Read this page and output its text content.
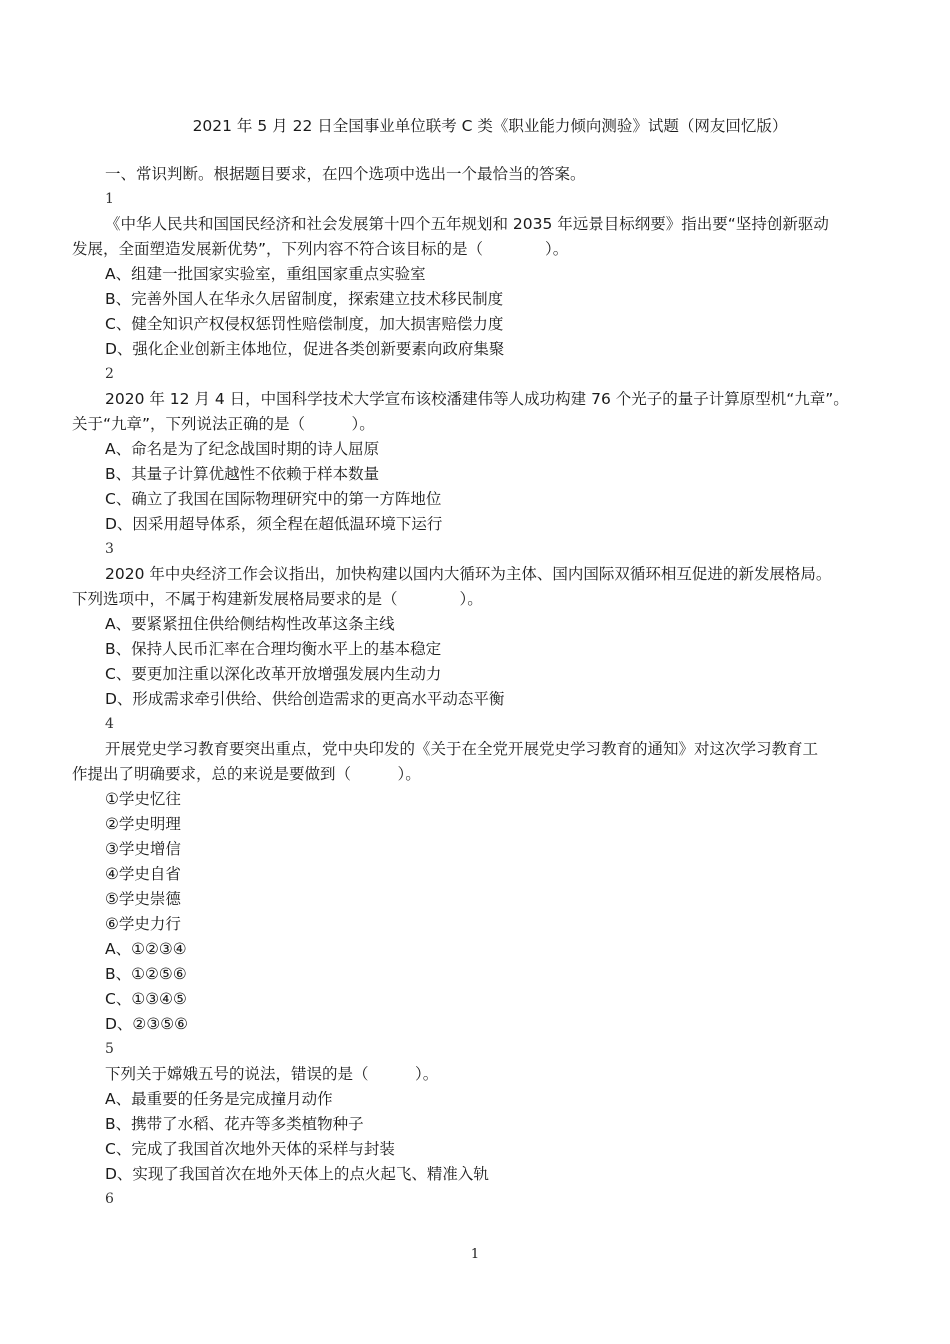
2021 年 5 月 22 日全国事业单位联考 C 类《职业能力倾向测验》试题（网友回忆版）
一、常识判断。根据题目要求，在四个选项中选出一个最恰当的答案。
1
《中华人民共和国国民经济和社会发展第十四个五年规划和 2035 年远景目标纲要》指出要“坚持创新驱动
发展，全面塑造发展新优势”，下列内容不符合该目标的是（　　　　）。
A、组建一批国家实验室，重组国家重点实验室
B、完善外国人在华永久居留制度，探索建立技术移民制度
C、健全知识产权侵权惩罚性赔偿制度，加大损害赔偿力度
D、强化企业创新主体地位，促进各类创新要素向政府集聚
2
2020 年 12 月 4 日，中国科学技术大学宣布该校潘建伟等人成功构建 76 个光子的量子计算原型机“九章”。
关于“九章”，下列说法正确的是（　　　）。
A、命名是为了纪念战国时期的诗人屈原
B、其量子计算优越性不依赖于样本数量
C、确立了我国在国际物理研究中的第一方阵地位
D、因采用超导体系，须全程在超低温环境下运行
3
2020 年中央经济工作会议指出，加快构建以国内大循环为主体、国内国际双循环相互促进的新发展格局。
下列选项中，不属于构建新发展格局要求的是（　　　　）。
A、要紧紧扭住供给侧结构性改革这条主线
B、保持人民币汇率在合理均衡水平上的基本稳定
C、要更加注重以深化改革开放增强发展内生动力
D、形成需求牵引供给、供给创造需求的更高水平动态平衡
4
开展党史学习教育要突出重点，党中央印发的《关于在全党开展党史学习教育的通知》对这次学习教育工
作提出了明确要求，总的来说是要做到（　　　）。
①学史忆往
②学史明理
③学史增信
④学史自省
⑤学史崇德
⑥学史力行
A、①②③④
B、①②⑤⑥
C、①③④⑤
D、②③⑤⑥
5
下列关于嫦娥五号的说法，错误的是（　　　）。
A、最重要的任务是完成撞月动作
B、携带了水稻、花卉等多类植物种子
C、完成了我国首次地外天体的采样与封装
D、实现了我国首次在地外天体上的点火起飞、精准入轨
6
1
